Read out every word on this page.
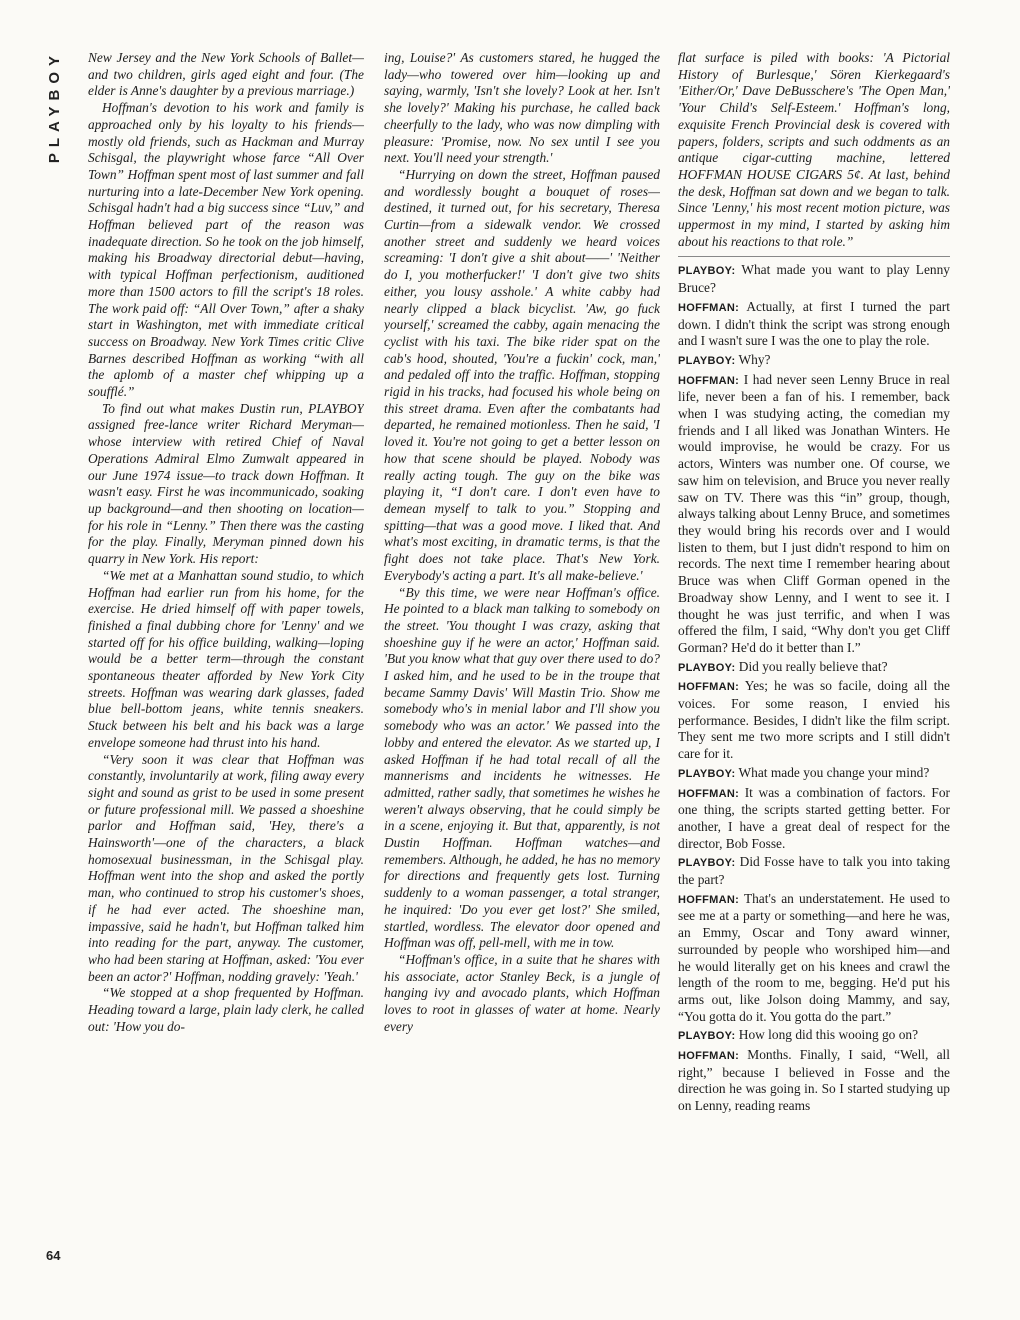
PLAYBOY New Jersey and the New York Schools of Ballet—and two children, girls aged eight and four. (The elder is Anne's daughter by a previous marriage.)

Hoffman's devotion to his work and family is approached only by his loyalty to his friends—mostly old friends, such as Hackman and Murray Schisgal, the playwright whose farce “All Over Town” Hoffman spent most of last summer and fall nurturing into a late-December New York opening. Schisgal hadn't had a big success since “Luv,” and Hoffman believed part of the reason was inadequate direction. So he took on the job himself, making his Broadway directorial debut—having, with typical Hoffman perfectionism, auditioned more than 1500 actors to fill the script's 18 roles. The work paid off: “All Over Town,” after a shaky start in Washington, met with immediate critical success on Broadway. New York Times critic Clive Barnes described Hoffman as working “with all the aplomb of a master chef whipping up a soufflé.”

To find out what makes Dustin run, PLAYBOY assigned free-lance writer Richard Meryman—whose interview with retired Chief of Naval Operations Admiral Elmo Zumwalt appeared in our June 1974 issue—to track down Hoffman. It wasn't easy. First he was incommunicado, soaking up background—and then shooting on location—for his role in “Lenny.” Then there was the casting for the play. Finally, Meryman pinned down his quarry in New York. His report:

“We met at a Manhattan sound studio, to which Hoffman had earlier run from his home, for the exercise. He dried himself off with paper towels, finished a final dubbing chore for 'Lenny' and we started off for his office building, walking—loping would be a better term—through the constant spontaneous theater afforded by New York City streets. Hoffman was wearing dark glasses, faded blue bell-bottom jeans, white tennis sneakers. Stuck between his belt and his back was a large envelope someone had thrust into his hand.

“Very soon it was clear that Hoffman was constantly, involuntarily at work, filing away every sight and sound as grist to be used in some present or future professional mill. We passed a shoeshine parlor and Hoffman said, 'Hey, there's a Hainsworth'—one of the characters, a black homosexual businessman, in the Schisgal play. Hoffman went into the shop and asked the portly man, who continued to strop his customer's shoes, if he had ever acted. The shoeshine man, impassive, said he hadn't, but Hoffman talked him into reading for the part, anyway. The customer, who had been staring at Hoffman, asked: 'You ever been an actor?' Hoffman, nodding gravely: 'Yeah.'

“We stopped at a shop frequented by Hoffman. Heading toward a large, plain lady clerk, he called out: 'How you do-

ing, Louise?' As customers stared, he hugged the lady—who towered over him—looking up and saying, warmly, 'Isn't she lovely? Look at her. Isn't she lovely?' Making his purchase, he called back cheerfully to the lady, who was now dimpling with pleasure: 'Promise, now. No sex until I see you next. You'll need your strength.'

“Hurrying on down the street, Hoffman paused and wordlessly bought a bouquet of roses—destined, it turned out, for his secretary, Theresa Curtin—from a sidewalk vendor. We crossed another street and suddenly we heard voices screaming: 'I don't give a shit about——' 'Neither do I, you motherfucker!' 'I don't give two shits either, you lousy asshole.' A white cabby had nearly clipped a black bicyclist. 'Aw, go fuck yourself,' screamed the cabby, again menacing the cyclist with his taxi. The bike rider spat on the cab's hood, shouted, 'You're a fuckin' cock, man,' and pedaled off into the traffic. Hoffman, stopping rigid in his tracks, had focused his whole being on this street drama. Even after the combatants had departed, he remained motionless. Then he said, 'I loved it. You're not going to get a better lesson on how that scene should be played. Nobody was really acting tough. The guy on the bike was playing it, “I don't care. I don't even have to demean myself to talk to you.” Stopping and spitting—that was a good move. I liked that. And what's most exciting, in dramatic terms, is that the fight does not take place. That's New York. Everybody's acting a part. It's all make-believe.'

“By this time, we were near Hoffman's office. He pointed to a black man talking to somebody on the street. 'You thought I was crazy, asking that shoeshine guy if he were an actor,' Hoffman said. 'But you know what that guy over there used to do? I asked him, and he used to be in the troupe that became Sammy Davis' Will Mastin Trio. Show me somebody who's in menial labor and I'll show you somebody who was an actor.' We passed into the lobby and entered the elevator. As we started up, I asked Hoffman if he had total recall of all the mannerisms and incidents he witnesses. He admitted, rather sadly, that sometimes he wishes he weren't always observing, that he could simply be in a scene, enjoying it. But that, apparently, is not Dustin Hoffman. Hoffman watches—and remembers. Although, he added, he has no memory for directions and frequently gets lost. Turning suddenly to a woman passenger, a total stranger, he inquired: 'Do you ever get lost?' She smiled, startled, wordless. The elevator door opened and Hoffman was off, pell-mell, with me in tow.

“Hoffman's office, in a suite that he shares with his associate, actor Stanley Beck, is a jungle of hanging ivy and avocado plants, which Hoffman loves to root in glasses of water at home. Nearly every

flat surface is piled with books: 'A Pictorial History of Burlesque,' Sören Kierkegaard's 'Either/Or,' Dave DeBusschere's 'The Open Man,' 'Your Child's Self-Esteem.' Hoffman's long, exquisite French Provincial desk is covered with papers, folders, scripts and such oddments as an antique cigar-cutting machine, lettered HOFFMAN HOUSE CIGARS 5¢. At last, behind the desk, Hoffman sat down and we began to talk. Since 'Lenny,' his most recent motion picture, was uppermost in my mind, I started by asking him about his reactions to that role.”

PLAYBOY: What made you want to play Lenny Bruce?

HOFFMAN: Actually, at first I turned the part down. I didn't think the script was strong enough and I wasn't sure I was the one to play the role.

PLAYBOY: Why?

HOFFMAN: I had never seen Lenny Bruce in real life, never been a fan of his. I remember, back when I was studying acting, the comedian my friends and I all liked was Jonathan Winters. He would improvise, he would be crazy. For us actors, Winters was number one. Of course, we saw him on television, and Bruce you never really saw on TV. There was this “in” group, though, always talking about Lenny Bruce, and sometimes they would bring his records over and I would listen to them, but I just didn't respond to him on records. The next time I remember hearing about Bruce was when Cliff Gorman opened in the Broadway show Lenny, and I went to see it. I thought he was just terrific, and when I was offered the film, I said, “Why don't you get Cliff Gorman? He'd do it better than I.”

PLAYBOY: Did you really believe that?

HOFFMAN: Yes; he was so facile, doing all the voices. For some reason, I envied his performance. Besides, I didn't like the film script. They sent me two more scripts and I still didn't care for it.

PLAYBOY: What made you change your mind?

HOFFMAN: It was a combination of factors. For one thing, the scripts started getting better. For another, I have a great deal of respect for the director, Bob Fosse.

PLAYBOY: Did Fosse have to talk you into taking the part?

HOFFMAN: That's an understatement. He used to see me at a party or something—and here he was, an Emmy, Oscar and Tony award winner, surrounded by people who worshiped him—and he would literally get on his knees and crawl the length of the room to me, begging. He'd put his arms out, like Jolson doing Mammy, and say, “You gotta do it. You gotta do the part.”

PLAYBOY: How long did this wooing go on?

HOFFMAN: Months. Finally, I said, “Well, all right,” because I believed in Fosse and the direction he was going in. So I started studying up on Lenny, reading reams

64
